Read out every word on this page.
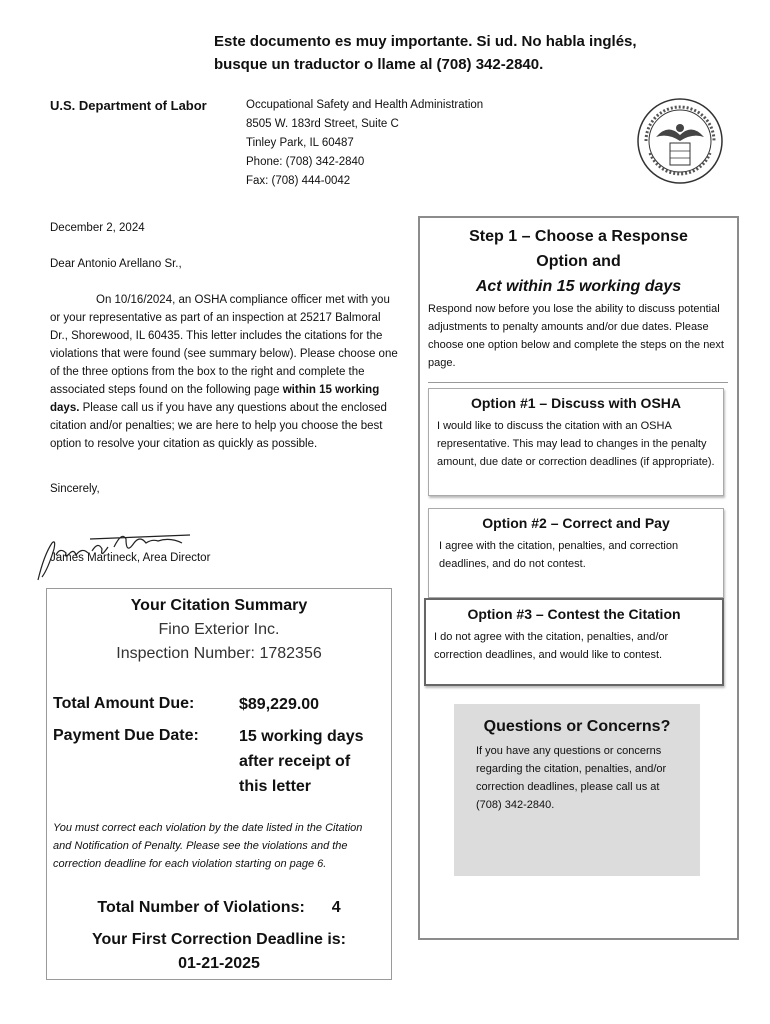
Este documento es muy importante. Si ud. No habla inglés,
busque un traductor o llame al (708) 342-2840.
U.S. Department of Labor	Occupational Safety and Health Administration
8505 W. 183rd Street, Suite C
Tinley Park, IL 60487
Phone: (708) 342-2840
Fax: (708) 444-0042
December 2, 2024
Dear Antonio Arellano Sr.,
On 10/16/2024, an OSHA compliance officer met with you or your representative as part of an inspection at 25217 Balmoral Dr., Shorewood, IL 60435. This letter includes the citations for the violations that were found (see summary below). Please choose one of the three options from the box to the right and complete the associated steps found on the following page within 15 working days. Please call us if you have any questions about the enclosed citation and/or penalties; we are here to help you choose the best option to resolve your citation as quickly as possible.
Sincerely,
James Martineck, Area Director
Your Citation Summary
Fino Exterior Inc.
Inspection Number: 1782356
Total Amount Due:	$89,229.00
Payment Due Date:	15 working days
after receipt of
this letter
You must correct each violation by the date listed in the Citation and Notification of Penalty. Please see the violations and the correction deadline for each violation starting on page 6.
Total Number of Violations: 4
Your First Correction Deadline is:
01-21-2025
Step 1 – Choose a Response
Option and
Act within 15 working days
Respond now before you lose the ability to discuss potential adjustments to penalty amounts and/or due dates. Please choose one option below and complete the steps on the next page.
Option #1 – Discuss with OSHA
I would like to discuss the citation with an OSHA representative. This may lead to changes in the penalty amount, due date or correction deadlines (if appropriate).
Option #2 – Correct and Pay
I agree with the citation, penalties, and correction deadlines, and do not contest.
Option #3 – Contest the Citation
I do not agree with the citation, penalties, and/or correction deadlines, and would like to contest.
Questions or Concerns?
If you have any questions or concerns regarding the citation, penalties, and/or correction deadlines, please call us at (708) 342-2840.
